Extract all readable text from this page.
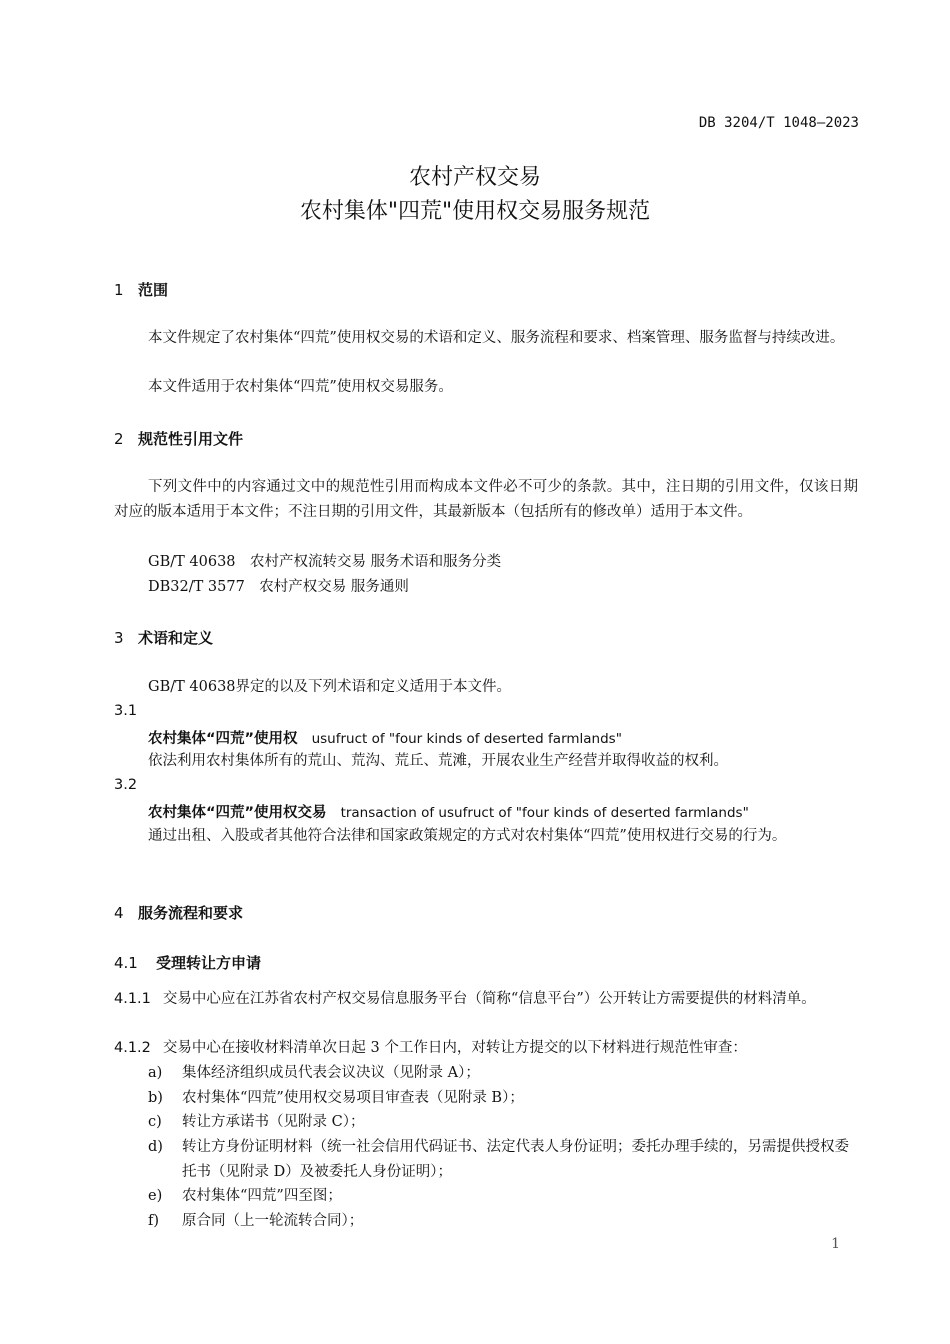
DB 3204/T 1048—2023
农村产权交易
农村集体"四荒"使用权交易服务规范
1 范围
本文件规定了农村集体“四荒”使用权交易的术语和定义、服务流程和要求、档案管理、服务监督与持续改进。
本文件适用于农村集体“四荒”使用权交易服务。
2 规范性引用文件
下列文件中的内容通过文中的规范性引用而构成本文件必不可少的条款。其中，注日期的引用文件，仅该日期对应的版本适用于本文件；不注日期的引用文件，其最新版本（包括所有的修改单）适用于本文件。
GB/T 40638　农村产权流转交易 服务术语和服务分类
DB32/T 3577　农村产权交易 服务通则
3 术语和定义
GB/T 40638界定的以及下列术语和定义适用于本文件。
3.1
农村集体“四荒”使用权 usufruct of "four kinds of deserted farmlands"
依法利用农村集体所有的荒山、荒沟、荒丘、荒滩，开展农业生产经营并取得收益的权利。
3.2
农村集体“四荒”使用权交易 transaction of usufruct of "four kinds of deserted farmlands"
通过出租、入股或者其他符合法律和国家政策规定的方式对农村集体“四荒”使用权进行交易的行为。
4 服务流程和要求
4.1 受理转让方申请
4.1.1 交易中心应在江苏省农村产权交易信息服务平台（简称“信息平台”）公开转让方需要提供的材料清单。
4.1.2 交易中心在接收材料清单次日起 3 个工作日内，对转让方提交的以下材料进行规范性审查：
a) 集体经济组织成员代表会议决议（见附录 A）；
b) 农村集体“四荒”使用权交易项目审查表（见附录 B）；
c) 转让方承诺书（见附录 C）；
d) 转让方身份证明材料（统一社会信用代码证书、法定代表人身份证明；委托办理手续的，另需提供授权委托书（见附录 D）及被委托人身份证明）；
e) 农村集体“四荒”四至图；
f) 原合同（上一轮流转合同）；
1
